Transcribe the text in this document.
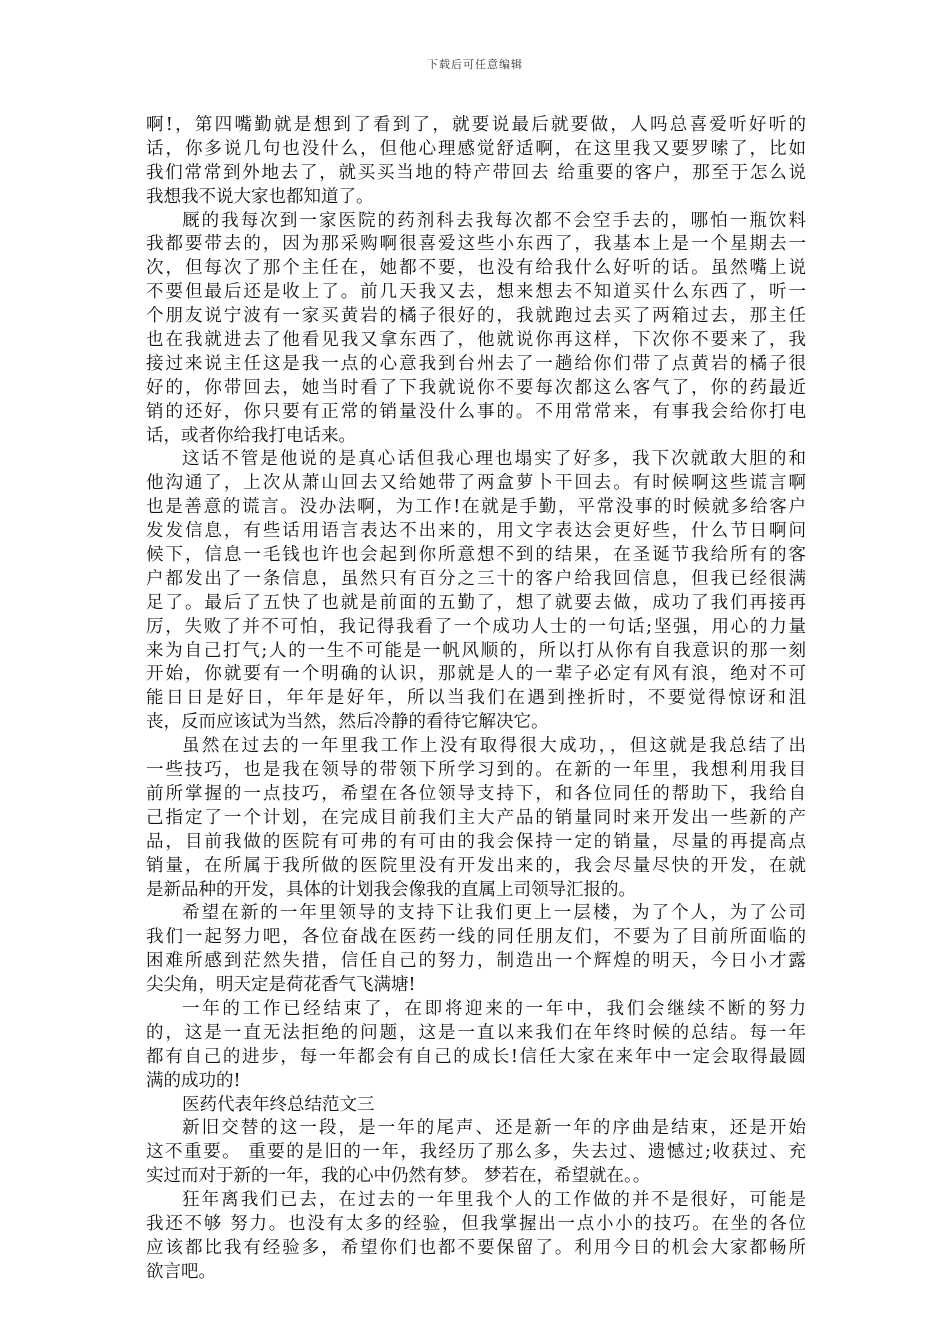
下载后可任意编辑
啊!，第四嘴勤就是想到了看到了，就要说最后就要做，人吗总喜爱听好听的
话，你多说几句也没什么，但他心理感觉舒适啊，在这里我又要罗嗦了，比如
我们常常到外地去了，就买买当地的特产带回去 给重要的客户，那至于怎么说
我想我不说大家也都知道了。
厩的我每次到一家医院的药剂科去我每次都不会空手去的，哪怕一瓶饮料
我都要带去的，因为那采购啊很喜爱这些小东西了，我基本上是一个星期去一
次，但每次了那个主任在，她都不要，也没有给我什么好听的话。虽然嘴上说
不要但最后还是收上了。前几天我又去，想来想去不知道买什么东西了，听一
个朋友说宁波有一家买黄岩的橘子很好的，我就跑过去买了两箱过去，那主任
也在我就进去了他看见我又拿东西了，他就说你再这样，下次你不要来了，我
接过来说主任这是我一点的心意我到台州去了一趟给你们带了点黄岩的橘子很
好的，你带回去，她当时看了下我就说你不要每次都这么客气了，你的药最近
销的还好，你只要有正常的销量没什么事的。不用常常来，有事我会给你打电
话，或者你给我打电话来。
这话不管是他说的是真心话但我心理也塌实了好多，我下次就敢大胆的和
他沟通了，上次从萧山回去又给她带了两盒萝卜干回去。有时候啊这些谎言啊
也是善意的谎言。没办法啊，为工作!在就是手勤，平常没事的时候就多给客户
发发信息，有些话用语言表达不出来的，用文字表达会更好些，什么节日啊问
候下，信息一毛钱也许也会起到你所意想不到的结果，在圣诞节我给所有的客
户都发出了一条信息，虽然只有百分之三十的客户给我回信息，但我已经很满
足了。最后了五快了也就是前面的五勤了，想了就要去做，成功了我们再接再
厉，失败了并不可怕，我记得我看了一个成功人士的一句话;坚强，用心的力量
来为自己打气;人的一生不可能是一帆风顺的，所以打从你有自我意识的那一刻
开始，你就要有一个明确的认识，那就是人的一辈子必定有风有浪，绝对不可
能日日是好日，年年是好年，所以当我们在遇到挫折时，不要觉得惊讶和沮
丧，反而应该试为当然，然后冷静的看待它解决它。
虽然在过去的一年里我工作上没有取得很大成功，，但这就是我总结了出
一些技巧，也是我在领导的带领下所学习到的。在新的一年里，我想利用我目
前所掌握的一点技巧，希望在各位领导支持下，和各位同任的帮助下，我给自
己指定了一个计划，在完成目前我们主大产品的销量同时来开发出一些新的产
品，目前我做的医院有可弗的有可由的我会保持一定的销量，尽量的再提高点
销量，在所属于我所做的医院里没有开发出来的，我会尽量尽快的开发，在就
是新品种的开发，具体的计划我会像我的直属上司领导汇报的。
希望在新的一年里领导的支持下让我们更上一层楼，为了个人，为了公司
我们一起努力吧，各位奋战在医药一线的同任朋友们，不要为了目前所面临的
困难所感到茫然失措，信任自己的努力，制造出一个辉煌的明天，今日小才露
尖尖角，明天定是荷花香气飞满塘!
一年的工作已经结束了，在即将迎来的一年中，我们会继续不断的努力
的，这是一直无法拒绝的问题，这是一直以来我们在年终时候的总结。每一年
都有自己的进步，每一年都会有自己的成长!信任大家在来年中一定会取得最圆
满的成功的!
医药代表年终总结范文三
新旧交替的这一段，是一年的尾声、还是新一年的序曲是结束，还是开始
这不重要。 重要的是旧的一年，我经历了那么多，失去过、遗憾过;收获过、充
实过而对于新的一年，我的心中仍然有梦。 梦若在，希望就在。。
狂年离我们已去，在过去的一年里我个人的工作做的并不是很好，可能是
我还不够 努力。也没有太多的经验，但我掌握出一点小小的技巧。在坐的各位
应该都比我有经验多，希望你们也都不要保留了。利用今日的机会大家都畅所
欲言吧。
